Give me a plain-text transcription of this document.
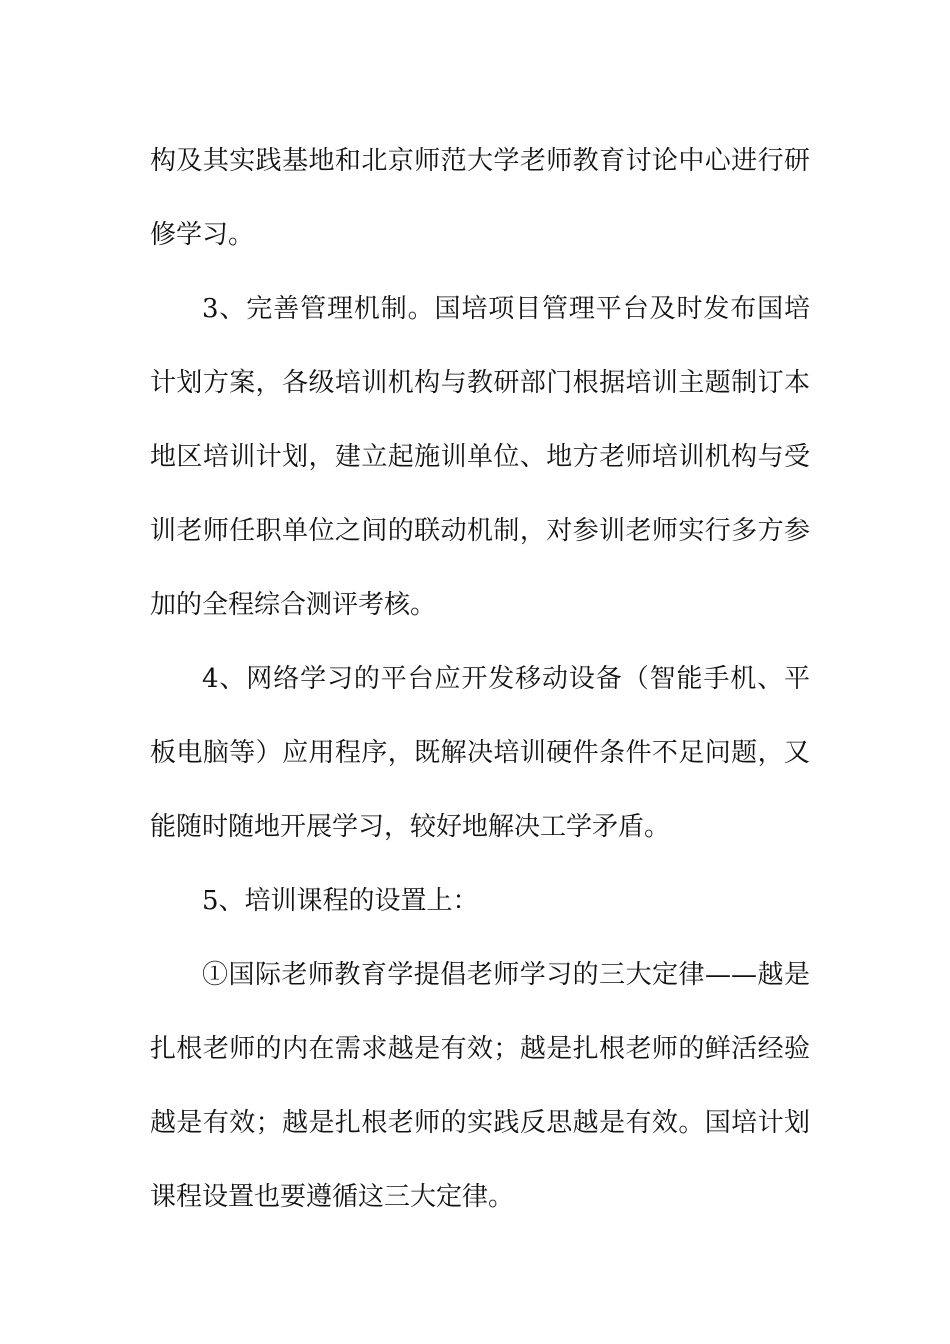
构及其实践基地和北京师范大学老师教育讨论中心进行研修学习。

3、完善管理机制。国培项目管理平台及时发布国培计划方案，各级培训机构与教研部门根据培训主题制订本地区培训计划，建立起施训单位、地方老师培训机构与受训老师任职单位之间的联动机制，对参训老师实行多方参加的全程综合测评考核。

4、网络学习的平台应开发移动设备（智能手机、平板电脑等）应用程序，既解决培训硬件条件不足问题，又能随时随地开展学习，较好地解决工学矛盾。

5、培训课程的设置上：

①国际老师教育学提倡老师学习的三大定律——越是扎根老师的内在需求越是有效；越是扎根老师的鲜活经验越是有效；越是扎根老师的实践反思越是有效。国培计划课程设置也要遵循这三大定律。
